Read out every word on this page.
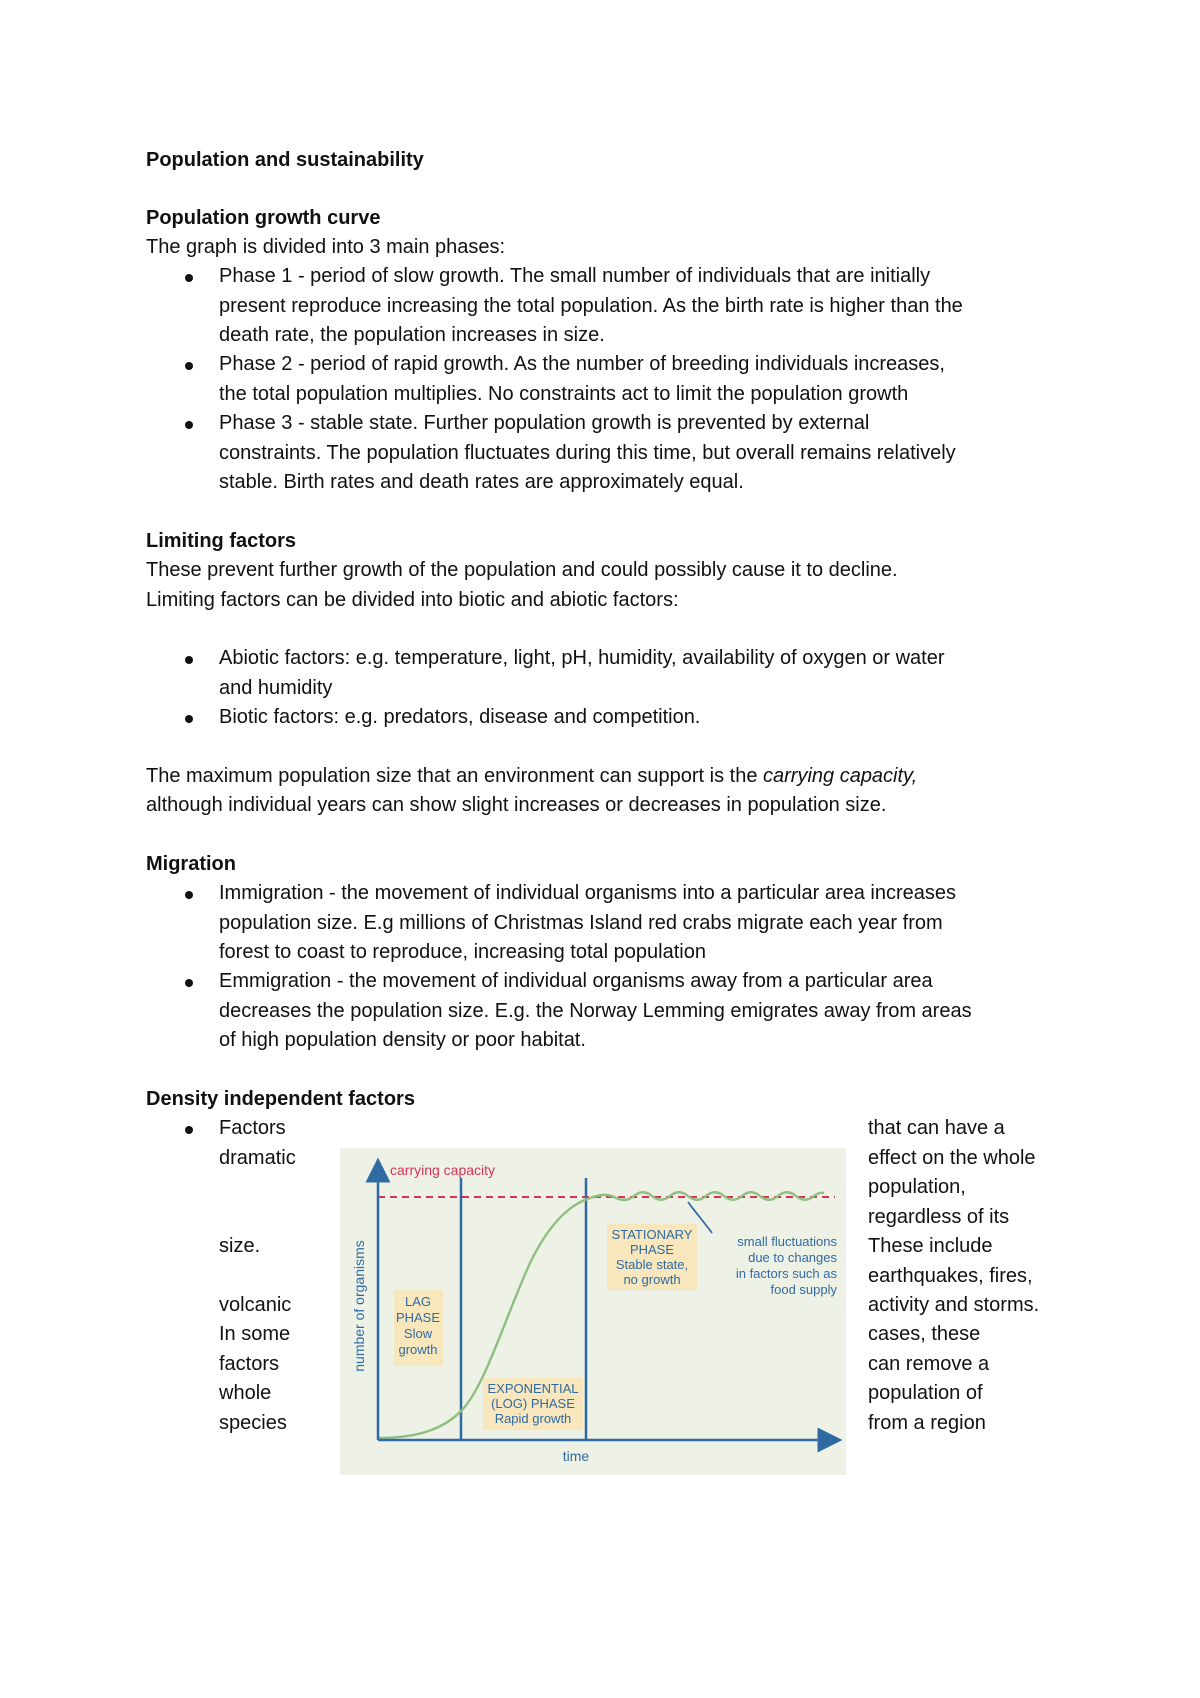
Population and sustainability
Population growth curve
The graph is divided into 3 main phases:
Phase 1 - period of slow growth. The small number of individuals that are initially
present reproduce increasing the total population. As the birth rate is higher than the
death rate, the population increases in size.
Phase 2 - period of rapid growth. As the number of breeding individuals increases,
the total population multiplies. No constraints act to limit the population growth
Phase 3 - stable state. Further population growth is prevented by external
constraints. The population fluctuates during this time, but overall remains relatively
stable. Birth rates and death rates are approximately equal.
Limiting factors
These prevent further growth of the population and could possibly cause it to decline.
Limiting factors can be divided into biotic and abiotic factors:
Abiotic factors: e.g. temperature, light, pH, humidity, availability of oxygen or water
and humidity
Biotic factors: e.g. predators, disease and competition.
The maximum population size that an environment can support is the carrying capacity,
although individual years can show slight increases or decreases in population size.
Migration
Immigration - the movement of individual organisms into a particular area increases
population size. E.g millions of Christmas Island red crabs migrate each year from
forest to coast to reproduce, increasing total population
Emmigration - the movement of individual organisms away from a particular area
decreases the population size. E.g. the Norway Lemming emigrates away from areas
of high population density or poor habitat.
Density independent factors
Factors
dramatic
size.
volcanic
In some
factors
whole
species
that can have a
effect on the whole
population,
regardless of its
These include
earthquakes, fires,
activity and storms.
cases, these
can remove a
population of
from a region
carrying capacity
time
number of organisms	LAG
PHASE
Slow
growth
EXPONENTIAL
(LOG) PHASE
Rapid growth
STATIONARY
PHASE
Stable state,
no growth
small fluctuations
due to changes
in factors such as
food supply
